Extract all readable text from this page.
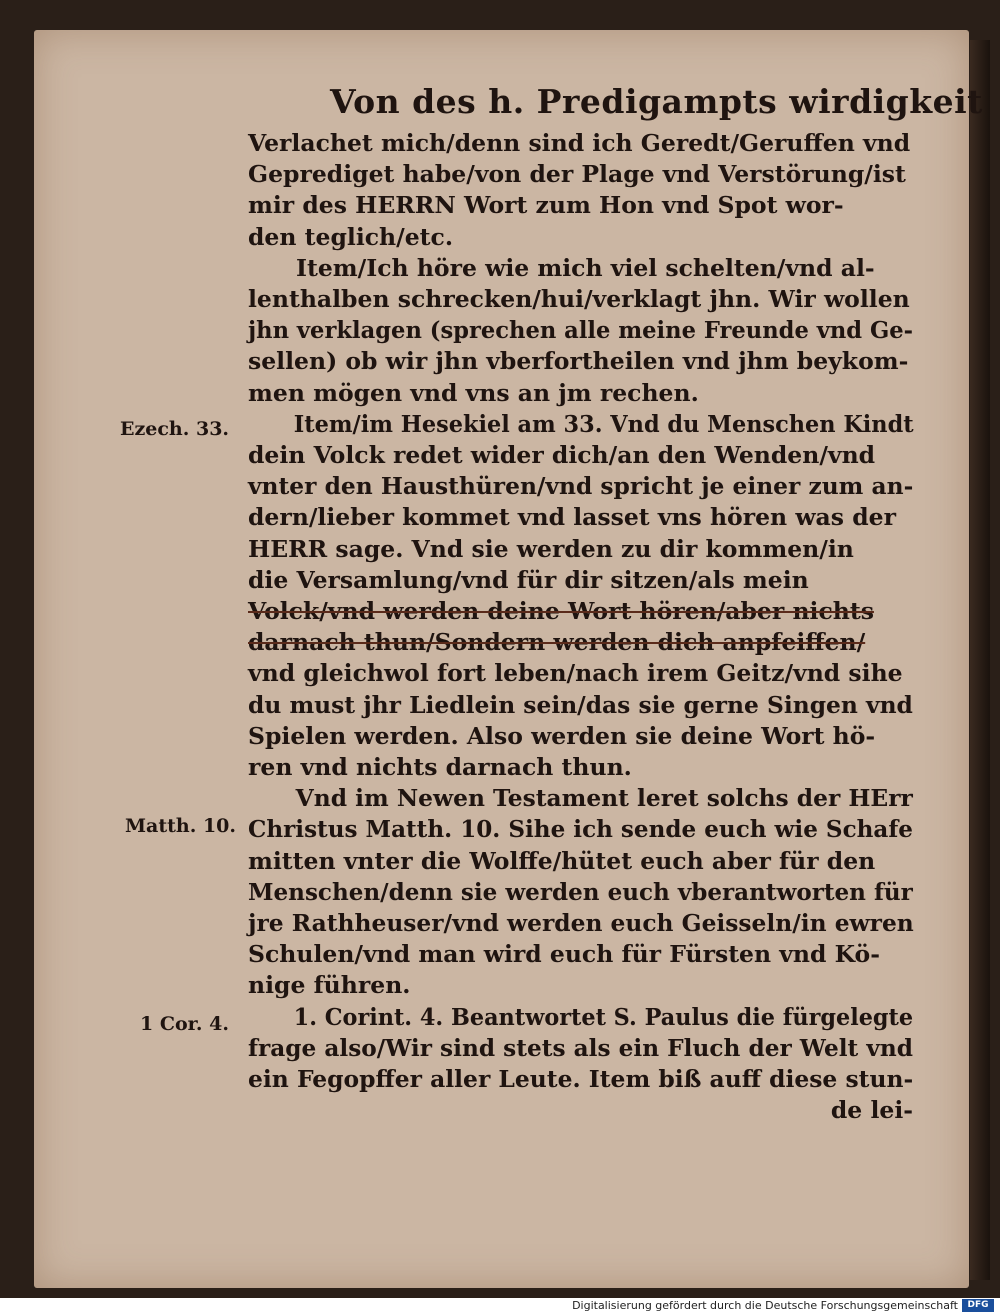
Von des h. Predigampts wirdigkeit
Ezech. 33.
Matth. 10.
1 Cor. 4.
Verlachet mich/denn sind ich Geredt/Geruffen vnd
Geprediget habe/von der Plage vnd Verstörung/ist
mir des HERRN Wort zum Hon vnd Spot wor-
den teglich/etc.
Item/Ich höre wie mich viel schelten/vnd al-
lenthalben schrecken/hui/verklagt jhn. Wir wollen
jhn verklagen (sprechen alle meine Freunde vnd Ge-
sellen) ob wir jhn vberfortheilen vnd jhm beykom-
men mögen vnd vns an jm rechen.
Item/im Hesekiel am 33. Vnd du Menschen Kindt
dein Volck redet wider dich/an den Wenden/vnd
vnter den Hausthüren/vnd spricht je einer zum an-
dern/lieber kommet vnd lasset vns hören was der
HERR sage. Vnd sie werden zu dir kommen/in
die Versamlung/vnd für dir sitzen/als mein
Volck/vnd werden deine Wort hören/aber nichts
darnach thun/Sondern werden dich anpfeiffen/
vnd gleichwol fort leben/nach irem Geitz/vnd sihe
du must jhr Liedlein sein/das sie gerne Singen vnd
Spielen werden. Also werden sie deine Wort hö-
ren vnd nichts darnach thun.
Vnd im Newen Testament leret solchs der HErr
Christus Matth. 10. Sihe ich sende euch wie Schafe
mitten vnter die Wolffe/hütet euch aber für den
Menschen/denn sie werden euch vberantworten für
jre Rathheuser/vnd werden euch Geisseln/in ewren
Schulen/vnd man wird euch für Fürsten vnd Kö-
nige führen.
1. Corint. 4. Beantwortet S. Paulus die fürgelegte
frage also/Wir sind stets als ein Fluch der Welt vnd
ein Fegopffer aller Leute. Item biß auff diese stun-
de lei-
Digitalisierung gefördert durch die Deutsche Forschungsgemeinschaft	DFG
